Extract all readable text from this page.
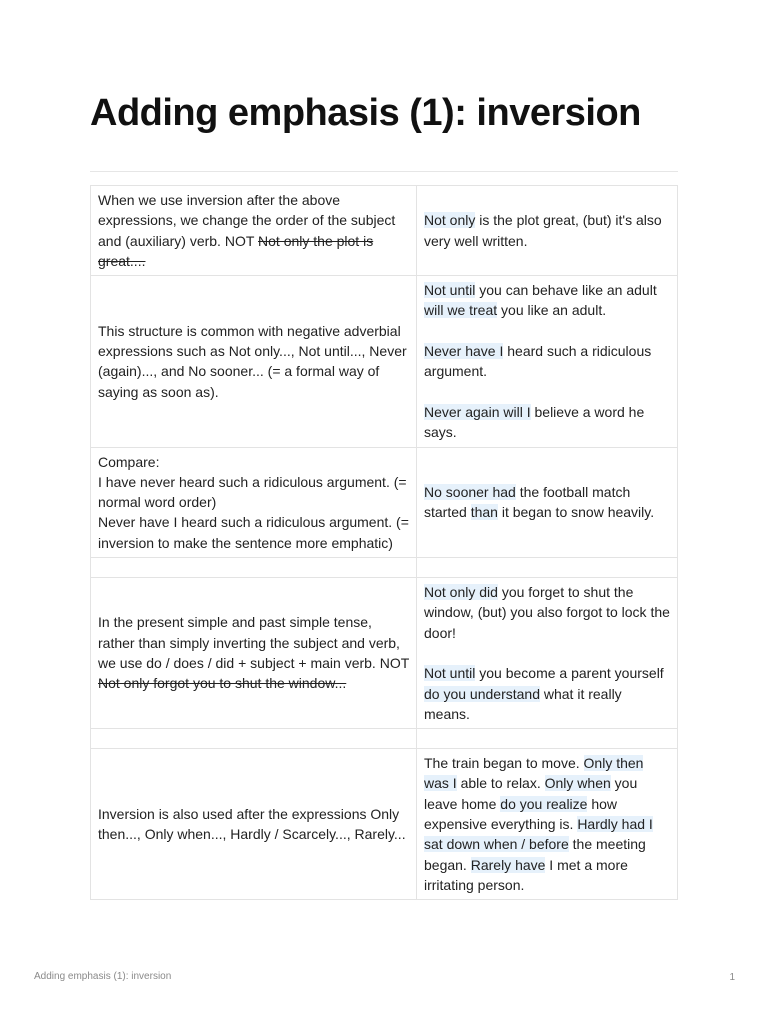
Adding emphasis (1): inversion
When we use inversion after the above expressions, we change the order of the subject and (auxiliary) verb. NOT Not only the plot is great....	Not only is the plot great, (but) it's also very well written.

This structure is common with negative adverbial expressions such as Not only..., Not until..., Never (again)..., and No sooner... (= a formal way of saying as soon as).	Not until you can behave like an adult will we treat you like an adult.
Never have I heard such a ridiculous argument.
Never again will I believe a word he says.

Compare:
I have never heard such a ridiculous argument. (= normal word order)
Never have I heard such a ridiculous argument. (= inversion to make the sentence more emphatic)	No sooner had the football match started than it began to snow heavily.

In the present simple and past simple tense, rather than simply inverting the subject and verb, we use do / does / did + subject + main verb. NOT Not only forgot you to shut the window...	Not only did you forget to shut the window, (but) you also forgot to lock the door!
Not until you become a parent yourself do you understand what it really means.

Inversion is also used after the expressions Only then..., Only when..., Hardly / Scarcely..., Rarely...	The train began to move. Only then was I able to relax. Only when you leave home do you realize how expensive everything is. Hardly had I sat down when / before the meeting began. Rarely have I met a more irritating person.
Adding emphasis (1): inversion	1
